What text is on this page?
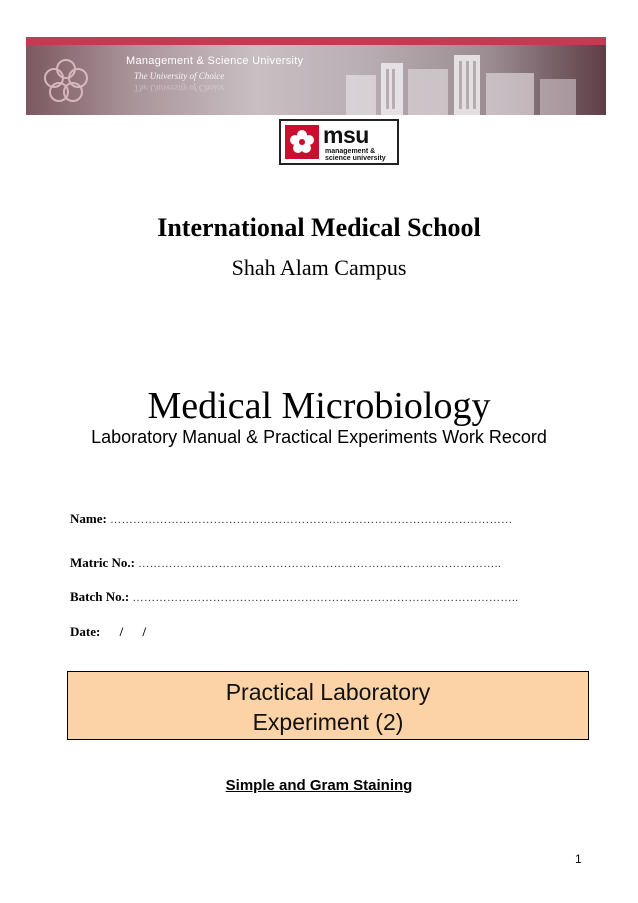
Management & Science University
The University of Choice
The University of Choice
msu
management &
science university
International Medical School
Shah Alam Campus
Medical Microbiology
Laboratory Manual & Practical Experiments Work Record
Name: ……………………………………………………………………………………………
Matric No.: …………………………………………………………………………………..
Batch No.: ………………………………………………………………………………………..
Date: / /
Practical Laboratory
Experiment (2)
Simple and Gram Staining
1
